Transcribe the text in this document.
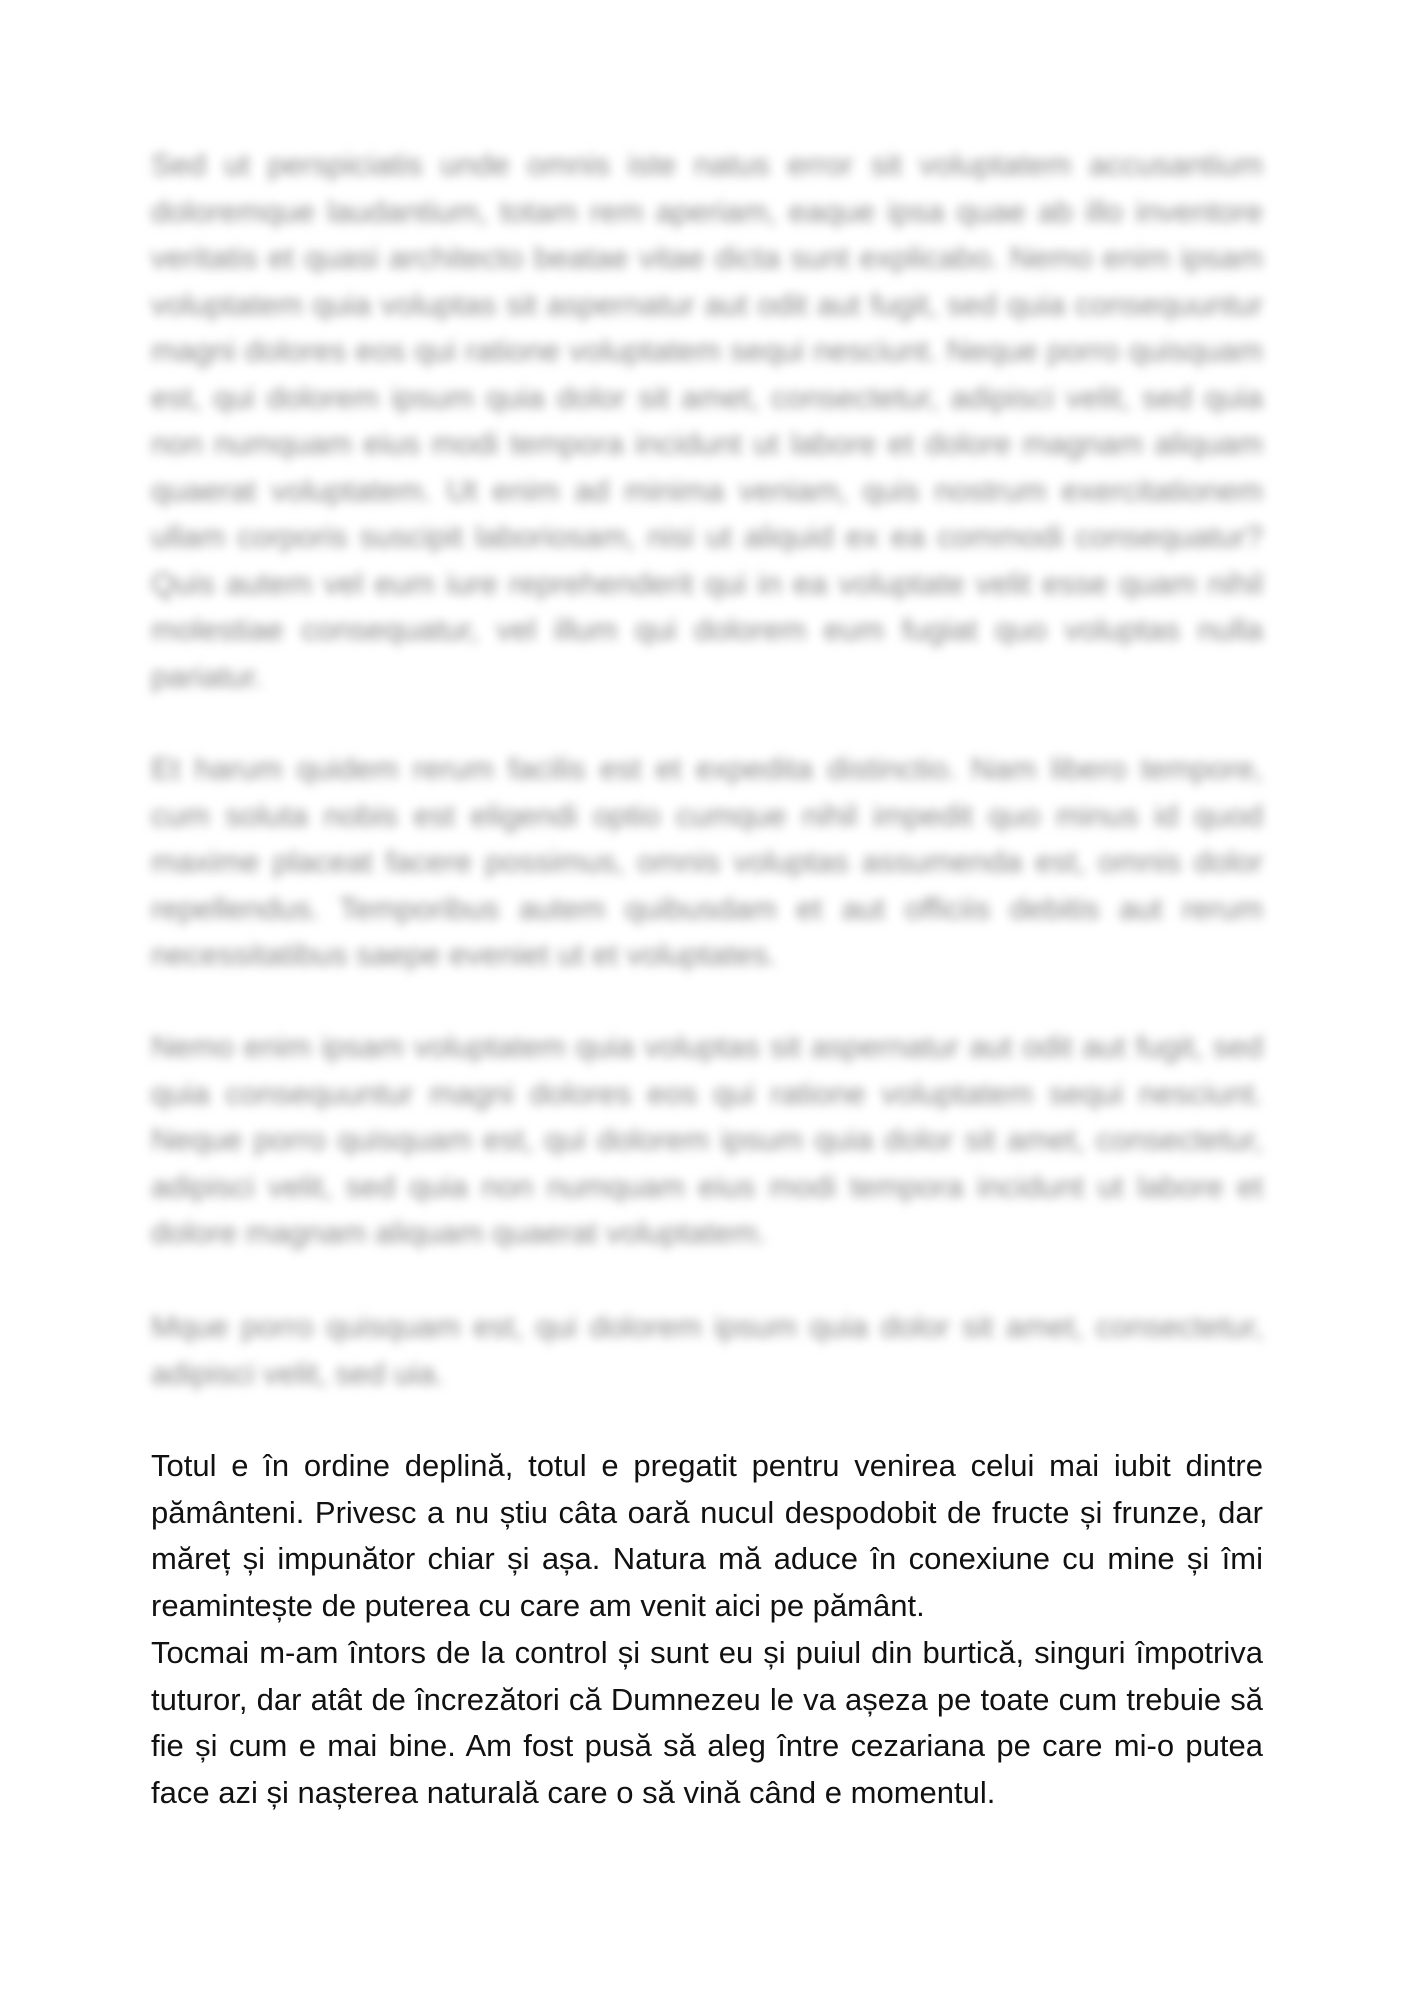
Sed ut perspiciatis unde omnis iste natus error sit voluptatem accusantium doloremque laudantium, totam rem aperiam, eaque ipsa quae ab illo inventore veritatis et quasi architecto beatae vitae dicta sunt explicabo. Nemo enim ipsam voluptatem quia voluptas sit aspernatur aut odit aut fugit, sed quia consequuntur magni dolores eos qui ratione voluptatem sequi nesciunt. Neque porro quisquam est, qui dolorem ipsum quia dolor sit amet, consectetur, adipisci velit, sed quia non numquam eius modi tempora incidunt ut labore et dolore magnam aliquam quaerat voluptatem. Ut enim ad minima veniam, quis nostrum exercitationem ullam corporis suscipit laboriosam, nisi ut aliquid ex ea commodi consequatur? Quis autem vel eum iure reprehenderit qui in ea voluptate velit esse quam nihil molestiae consequatur, vel illum qui dolorem eum fugiat quo voluptas nulla pariatur.

Et harum quidem rerum facilis est et expedita distinctio. Nam libero tempore, cum soluta nobis est eligendi optio cumque nihil impedit quo minus id quod maxime placeat facere possimus, omnis voluptas assumenda est, omnis dolor repellendus. Temporibus autem quibusdam et aut officiis debitis aut rerum necessitatibus saepe eveniet ut et voluptates.

Nemo enim ipsam voluptatem quia voluptas sit aspernatur aut odit aut fugit, sed quia consequuntur magni dolores eos qui ratione voluptatem sequi nesciunt. Neque porro quisquam est, qui dolorem ipsum quia dolor sit amet, consectetur, adipisci velit, sed quia non numquam eius modi tempora incidunt ut labore et dolore magnam aliquam quaerat voluptatem.

Mque porro quisquam est, qui dolorem ipsum quia dolor sit amet, consectetur, adipisci velit, sed uia.

Totul e în ordine deplină, totul e pregatit pentru venirea celui mai iubit dintre pământeni. Privesc a nu știu câta oară nucul despodobit de fructe și frunze, dar măreț și impunător chiar și așa. Natura mă aduce în conexiune cu mine și îmi reamintește de puterea cu care am venit aici pe pământ.

Tocmai m-am întors de la control și sunt eu și puiul din burtică, singuri împotriva tuturor, dar atât de încrezători că Dumnezeu le va așeza pe toate cum trebuie să fie și cum e mai bine. Am fost pusă să aleg între cezariana pe care mi-o putea face azi și nașterea naturală care o să vină când e momentul.
